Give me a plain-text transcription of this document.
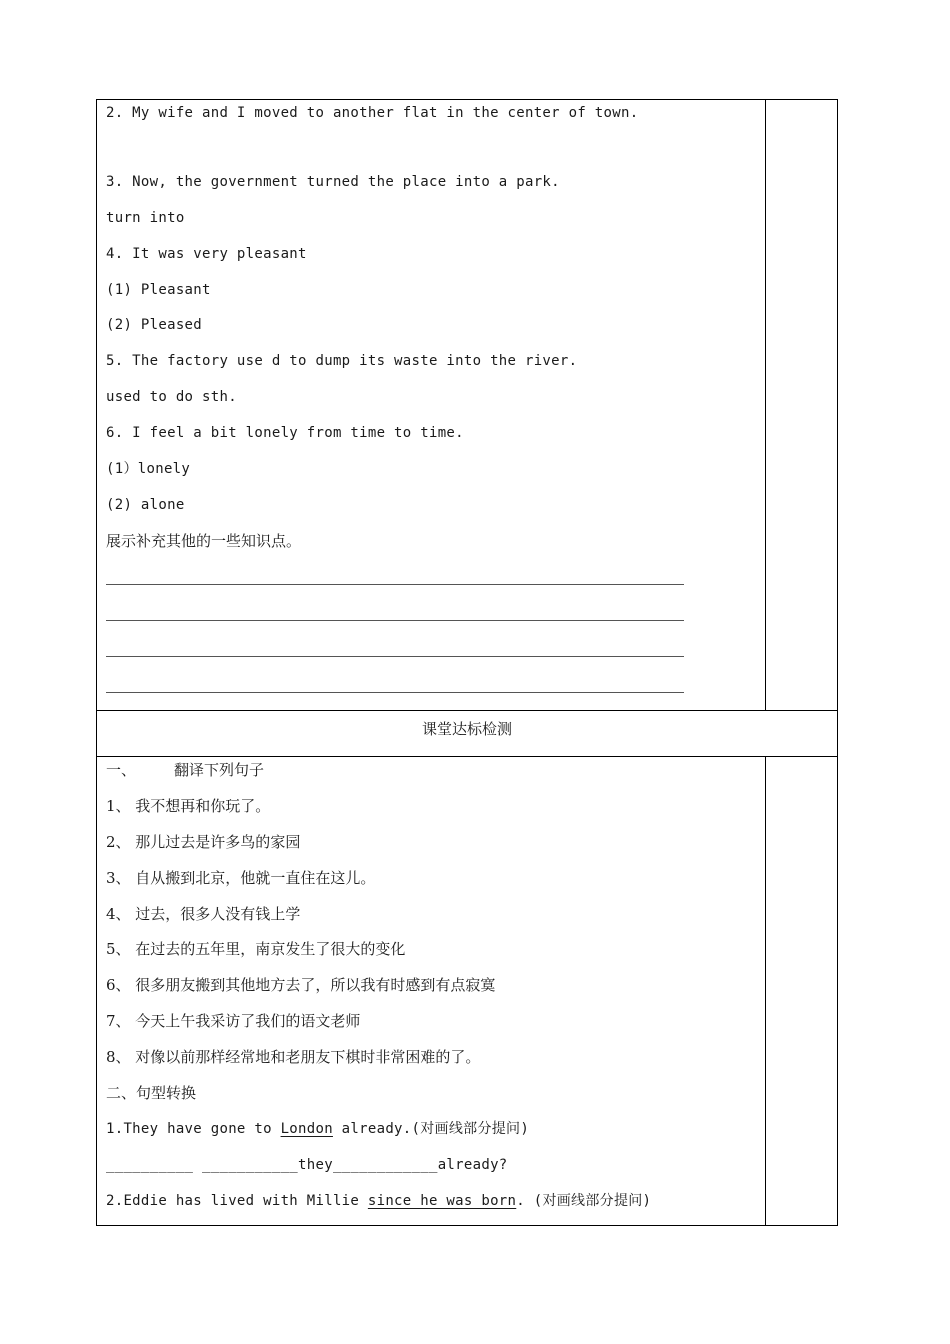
2. My wife and I moved to another flat in the center of town.
3. Now, the government turned the place into a park.
turn into
4. It was very pleasant
(1) Pleasant
(2) Pleased
5. The factory use d to dump its waste into the river.
used to do sth.
6. I feel a bit lonely from time to time.
(1）lonely
(2) alone
展示补充其他的一些知识点。
课堂达标检测
一、	翻译下列句子
1、 我不想再和你玩了。
2、 那儿过去是许多鸟的家园
3、 自从搬到北京，他就一直住在这儿。
4、 过去，很多人没有钱上学
5、 在过去的五年里，南京发生了很大的变化
6、 很多朋友搬到其他地方去了，所以我有时感到有点寂寞
7、 今天上午我采访了我们的语文老师
8、 对像以前那样经常地和老朋友下棋时非常困难的了。
二、句型转换
1.They have gone to London already.(对画线部分提问)
__________ ___________they____________already?
2.Eddie has lived with Millie since he was born. (对画线部分提问)
